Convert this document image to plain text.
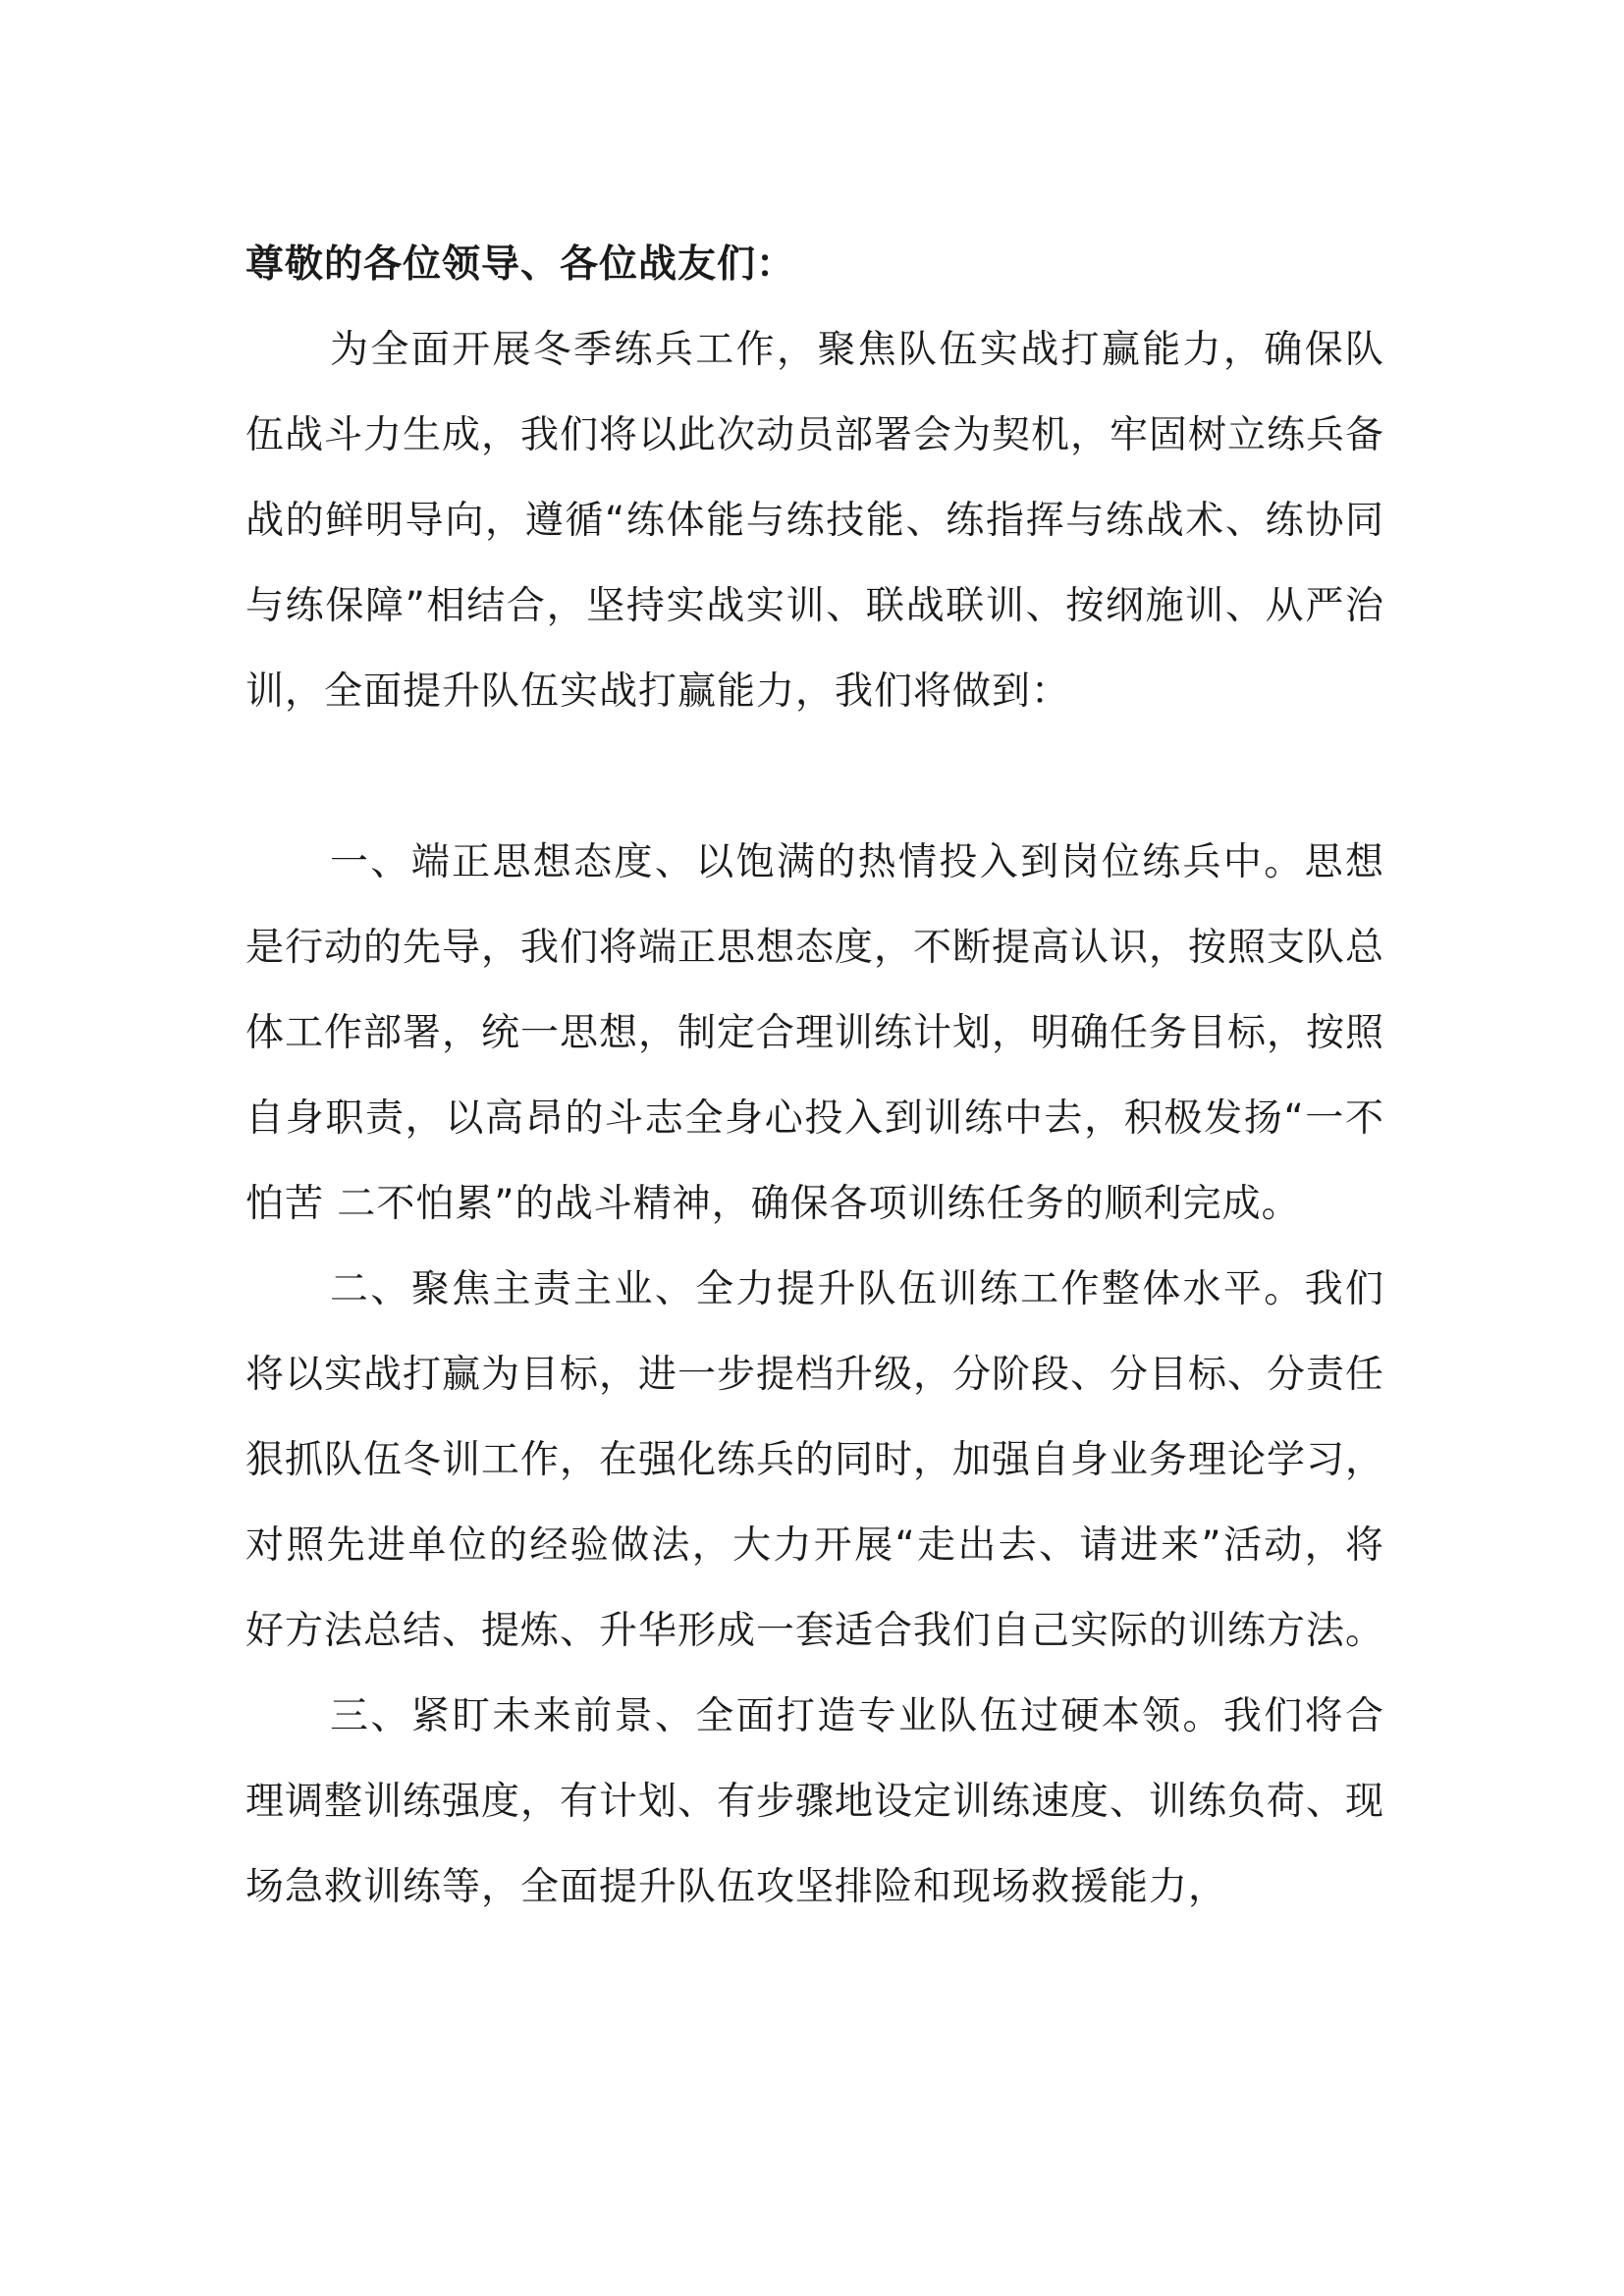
尊敬的各位领导、各位战友们：

为全面开展冬季练兵工作，聚焦队伍实战打赢能力，确保队伍战斗力生成，我们将以此次动员部署会为契机，牢固树立练兵备战的鲜明导向，遵循“练体能与练技能、练指挥与练战术、练协同与练保障”相结合，坚持实战实训、联战联训、按纲施训、从严治训，全面提升队伍实战打赢能力，我们将做到：

一、端正思想态度、以饱满的热情投入到岗位练兵中。思想是行动的先导，我们将端正思想态度，不断提高认识，按照支队总体工作部署，统一思想，制定合理训练计划，明确任务目标，按照自身职责，以高昂的斗志全身心投入到训练中去，积极发扬“一不怕苦 二不怕累”的战斗精神，确保各项训练任务的顺利完成。

二、聚焦主责主业、全力提升队伍训练工作整体水平。我们将以实战打赢为目标，进一步提档升级，分阶段、分目标、分责任狠抓队伍冬训工作，在强化练兵的同时，加强自身业务理论学习，对照先进单位的经验做法，大力开展“走出去、请进来”活动，将好方法总结、提炼、升华形成一套适合我们自己实际的训练方法。

三、紧盯未来前景、全面打造专业队伍过硬本领。我们将合理调整训练强度，有计划、有步骤地设定训练速度、训练负荷、现场急救训练等，全面提升队伍攻坚排险和现场救援能力，
